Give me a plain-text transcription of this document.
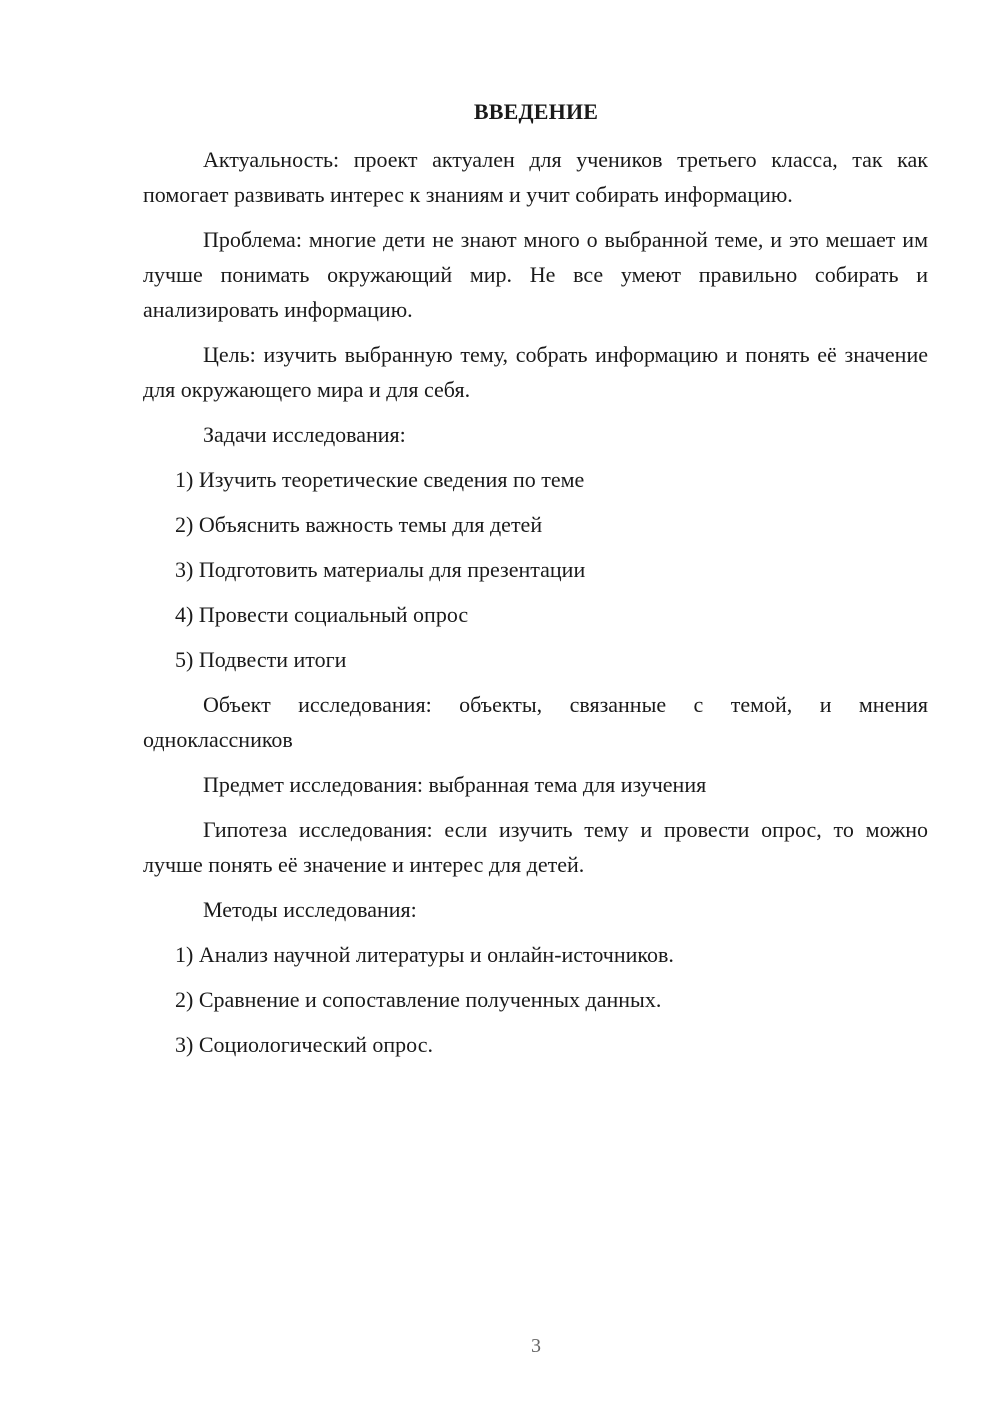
ВВЕДЕНИЕ

Актуальность: проект актуален для учеников третьего класса, так как помогает развивать интерес к знаниям и учит собирать информацию.

Проблема: многие дети не знают много о выбранной теме, и это мешает им лучше понимать окружающий мир. Не все умеют правильно собирать и анализировать информацию.

Цель: изучить выбранную тему, собрать информацию и понять её значение для окружающего мира и для себя.

Задачи исследования:

1) Изучить теоретические сведения по теме

2) Объяснить важность темы для детей

3) Подготовить материалы для презентации

4) Провести социальный опрос

5) Подвести итоги

Объект исследования: объекты, связанные с темой, и мнения одноклассников

Предмет исследования: выбранная тема для изучения

Гипотеза исследования: если изучить тему и провести опрос, то можно лучше понять её значение и интерес для детей.

Методы исследования:

1) Анализ научной литературы и онлайн-источников.

2) Сравнение и сопоставление полученных данных.

3) Социологический опрос.

3
